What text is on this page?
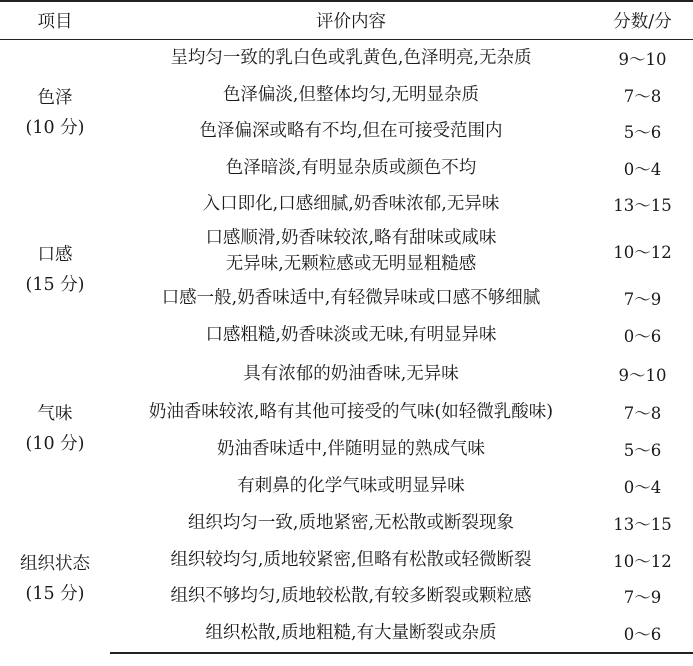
项目	评价内容	分数/分

色泽
(10 分)	呈均匀一致的乳白色或乳黄色,色泽明亮,无杂质	9～10

	色泽偏淡,但整体均匀,无明显杂质	7～8

	色泽偏深或略有不均,但在可接受范围内	5～6

	色泽暗淡,有明显杂质或颜色不均	0～4

口感
(15 分)	入口即化,口感细腻,奶香味浓郁,无异味	13～15

	口感顺滑,奶香味较浓,略有甜味或咸味
无异味,无颗粒感或无明显粗糙感	10～12

	口感一般,奶香味适中,有轻微异味或口感不够细腻	7～9

	口感粗糙,奶香味淡或无味,有明显异味	0～6

气味
(10 分)	具有浓郁的奶油香味,无异味	9～10

	奶油香味较浓,略有其他可接受的气味(如轻微乳酸味)	7～8

	奶油香味适中,伴随明显的熟成气味	5～6

	有刺鼻的化学气味或明显异味	0～4

组织状态
(15 分)	组织均匀一致,质地紧密,无松散或断裂现象	13～15

	组织较均匀,质地较紧密,但略有松散或轻微断裂	10～12

	组织不够均匀,质地较松散,有较多断裂或颗粒感	7～9

	组织松散,质地粗糙,有大量断裂或杂质	0～6
